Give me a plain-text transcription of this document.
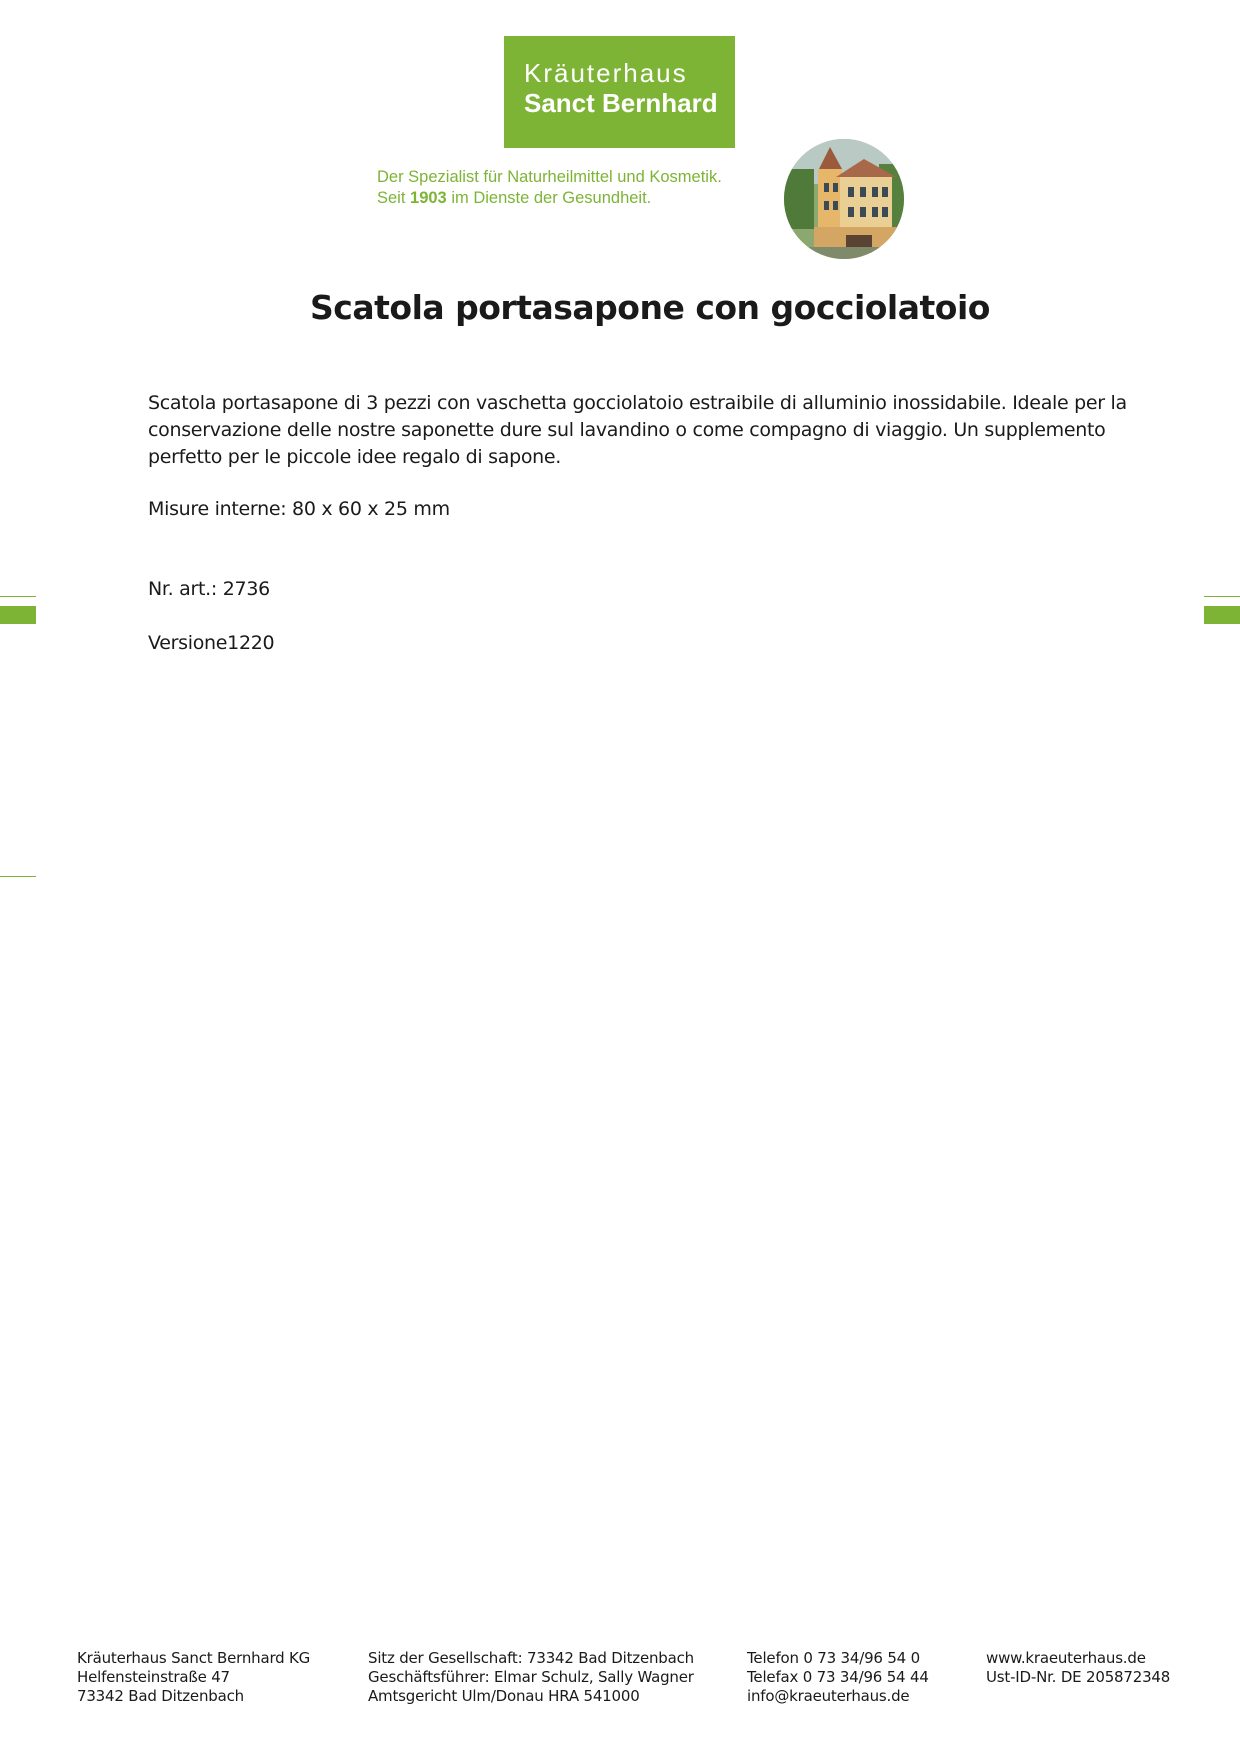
Kräuterhaus
Sanct Bernhard
Der Spezialist für Naturheilmittel und Kosmetik.
Seit 1903 im Dienste der Gesundheit.
Scatola portasapone con gocciolatoio

Scatola portasapone di 3 pezzi con vaschetta gocciolatoio estraibile di alluminio inossidabile. Ideale per la conservazione delle nostre saponette dure sul lavandino o come compagno di viaggio. Un supplemento perfetto per le piccole idee regalo di sapone.

Misure interne: 80 x 60 x 25 mm
Nr. art.: 2736
Versione1220
Kräuterhaus Sanct Bernhard KG
Helfensteinstraße 47
73342 Bad Ditzenbach
Sitz der Gesellschaft: 73342 Bad Ditzenbach
Geschäftsführer: Elmar Schulz, Sally Wagner
Amtsgericht Ulm/Donau HRA 541000
Telefon 0 73 34/96 54 0
Telefax 0 73 34/96 54 44
info@kraeuterhaus.de
www.kraeuterhaus.de
Ust-ID-Nr. DE 205872348
